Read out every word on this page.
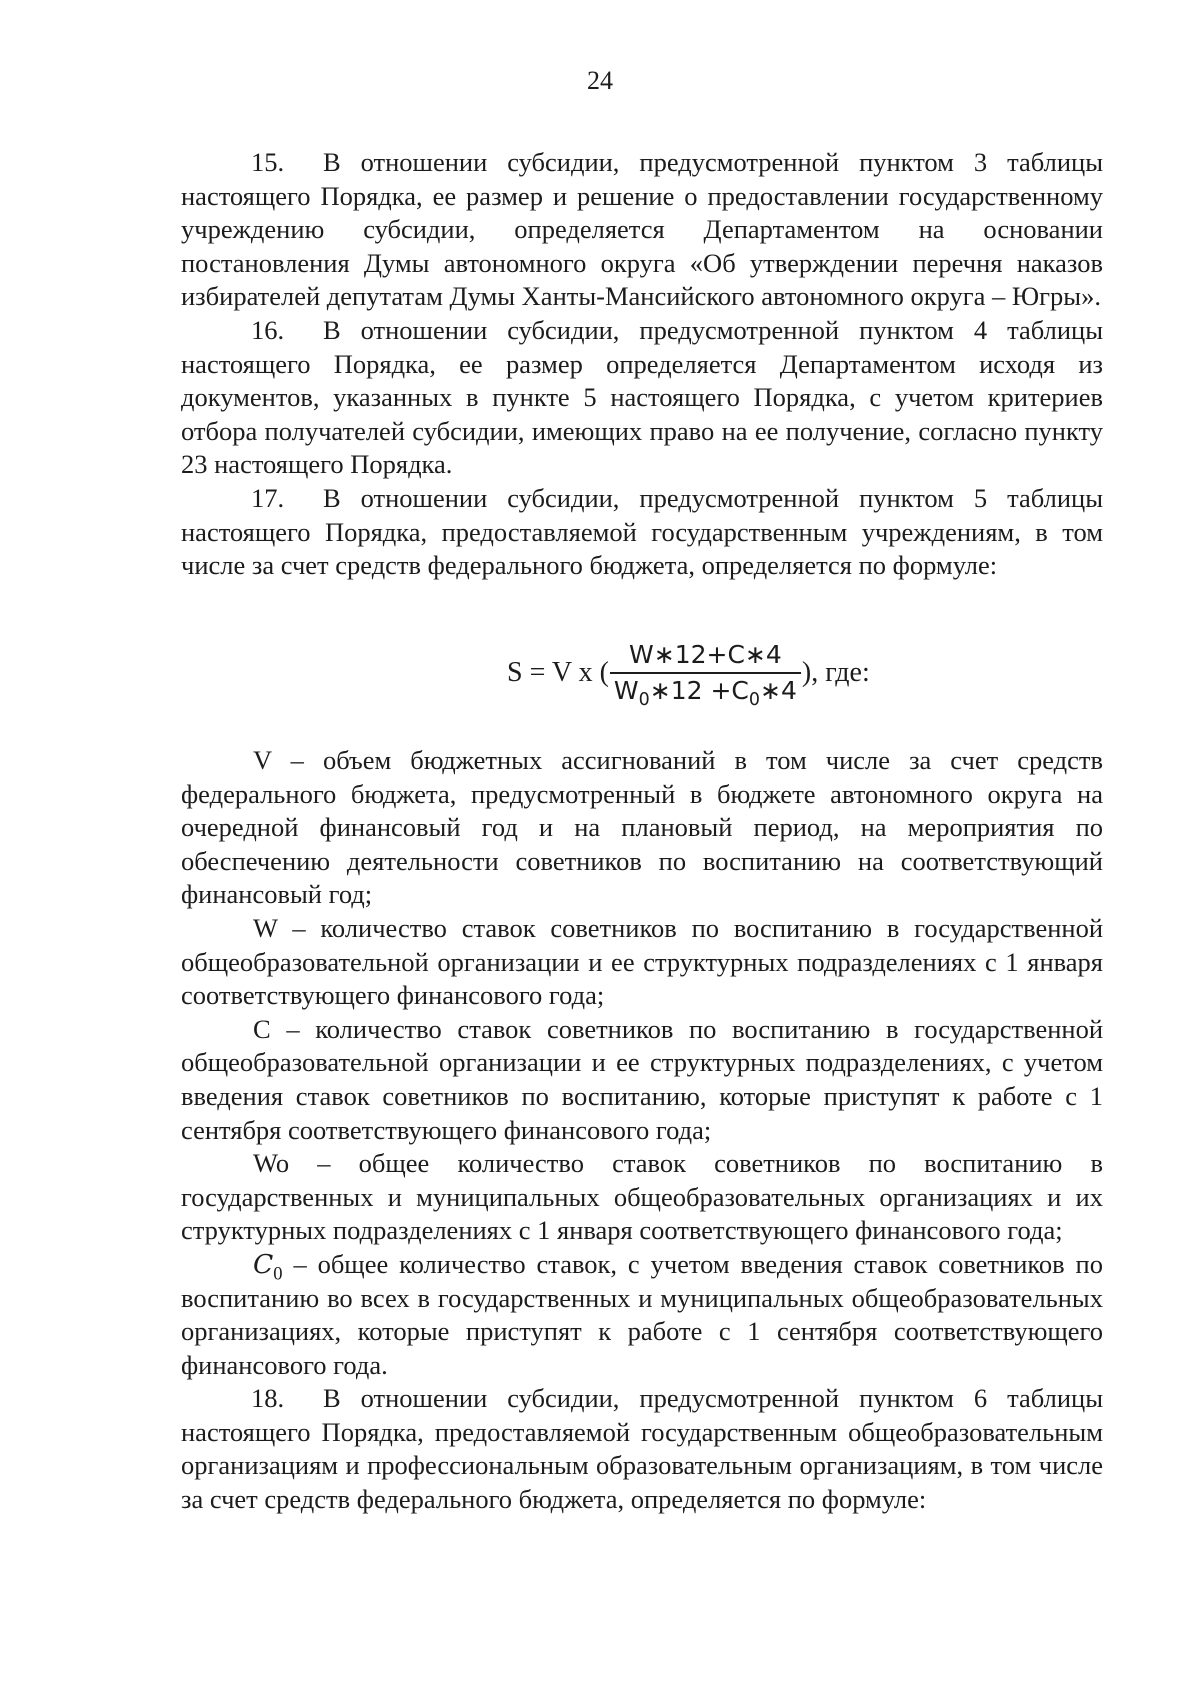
24

15. В отношении субсидии, предусмотренной пунктом 3 таблицы настоящего Порядка, ее размер и решение о предоставлении государственному учреждению субсидии, определяется Департаментом на основании постановления Думы автономного округа «Об утверждении перечня наказов избирателей депутатам Думы Ханты-Мансийского автономного округа – Югры».

16. В отношении субсидии, предусмотренной пунктом 4 таблицы настоящего Порядка, ее размер определяется Департаментом исходя из документов, указанных в пункте 5 настоящего Порядка, с учетом критериев отбора получателей субсидии, имеющих право на ее получение, согласно пункту 23 настоящего Порядка.

17. В отношении субсидии, предусмотренной пунктом 5 таблицы настоящего Порядка, предоставляемой государственным учреждениям, в том числе за счет средств федерального бюджета, определяется по формуле:

S = V x ( $\frac{W∗12+C∗4}{W_0∗12 +C_0∗4}$ ), где:

V – объем бюджетных ассигнований в том числе за счет средств федерального бюджета, предусмотренный в бюджете автономного округа на очередной финансовый год и на плановый период, на мероприятия по обеспечению деятельности советников по воспитанию на соответствующий финансовый год;

W – количество ставок советников по воспитанию в государственной общеобразовательной организации и ее структурных подразделениях с 1 января соответствующего финансового года;

С – количество ставок советников по воспитанию в государственной общеобразовательной организации и ее структурных подразделениях, с учетом введения ставок советников по воспитанию, которые приступят к работе с 1 сентября соответствующего финансового года;

Wo – общее количество ставок советников по воспитанию в государственных и муниципальных общеобразовательных организациях и их структурных подразделениях с 1 января соответствующего финансового года;

$C_0$ – общее количество ставок, с учетом введения ставок советников по воспитанию во всех в государственных и муниципальных общеобразовательных организациях, которые приступят к работе с 1 сентября соответствующего финансового года.

18. В отношении субсидии, предусмотренной пунктом 6 таблицы настоящего Порядка, предоставляемой государственным общеобразовательным организациям и профессиональным образовательным организациям, в том числе за счет средств федерального бюджета, определяется по формуле:
